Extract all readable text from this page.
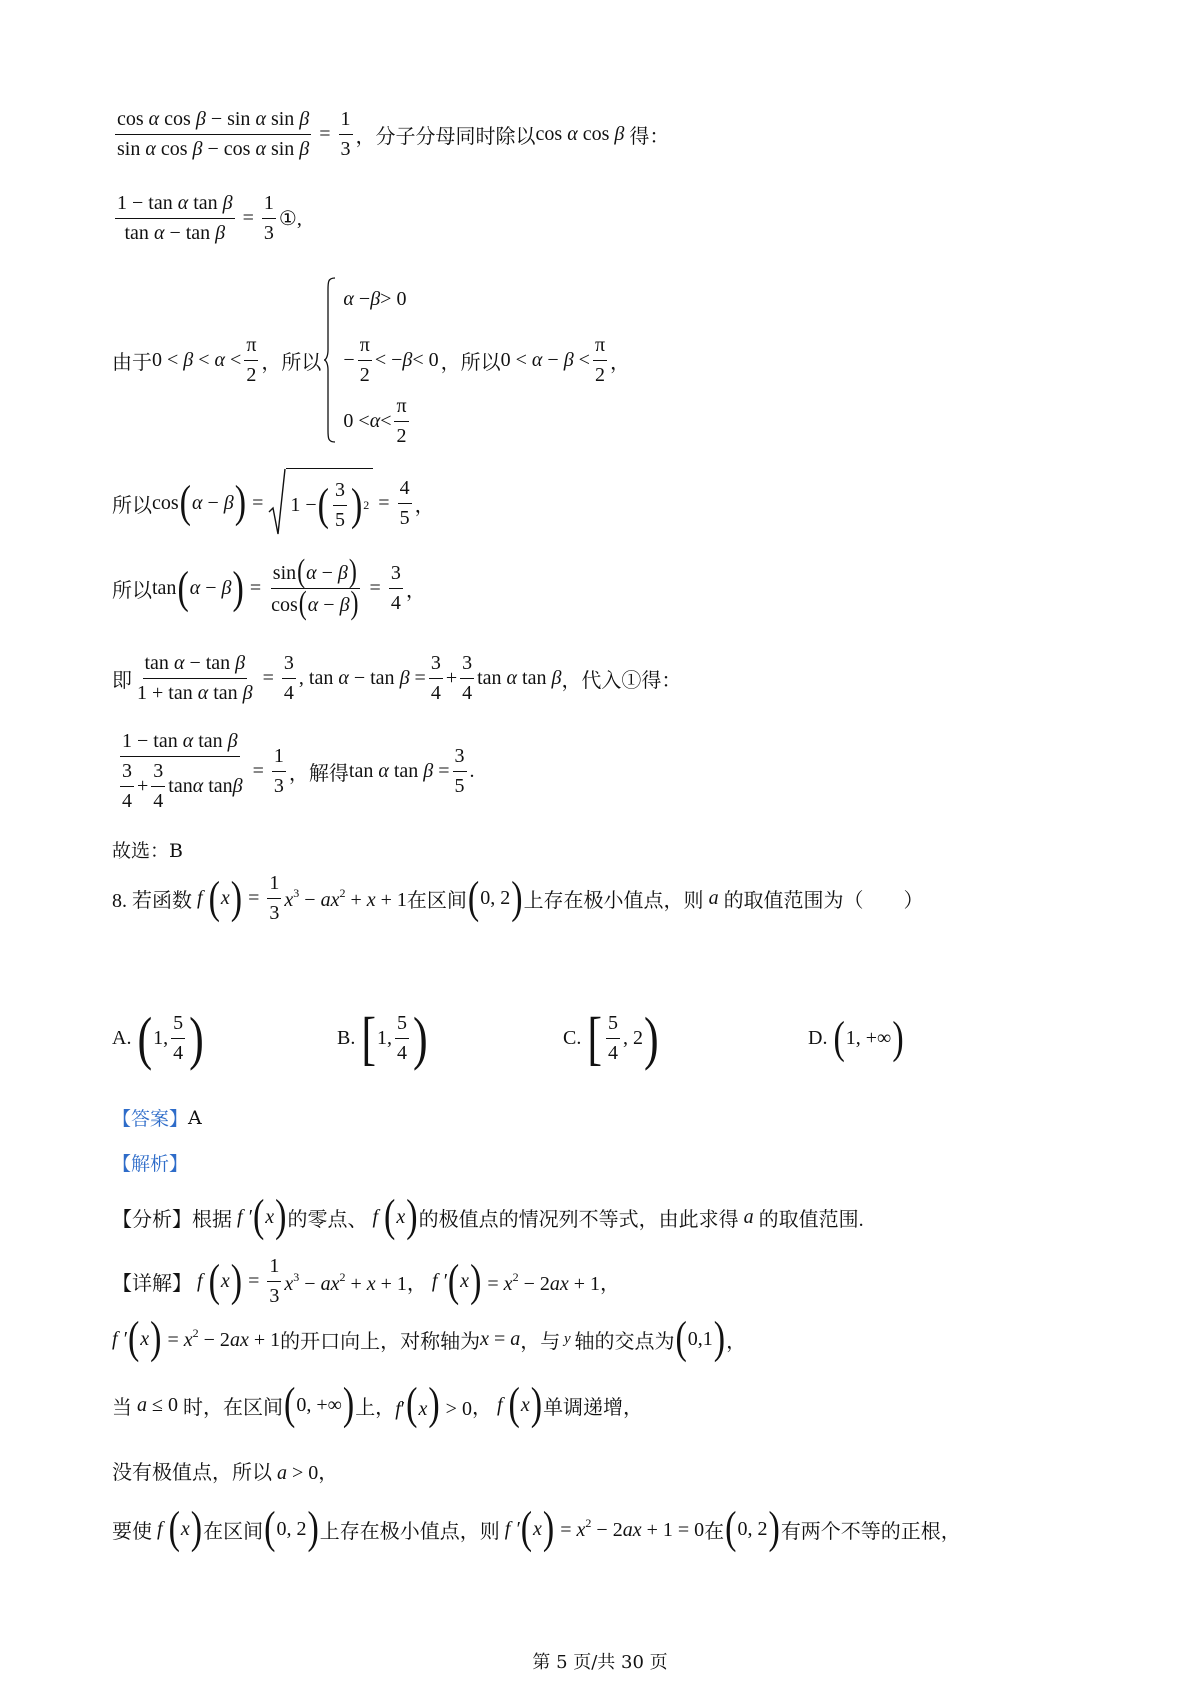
$\frac{\text{cos α cos β − sin α sin β}}{\text{sin α cos β − cos α sin β}} = \frac{1}{3}$ ，分子分母同时除以 cos α cos β 得：
$\frac{\text{1 − tan α tan β}}{\text{tan α − tan β}} = \frac{1}{3}$ ①,
由于 $0 < \beta < \alpha < \frac{\pi}{2}$ ，所以
α − β > 0
− $\frac{\pi}{2}$ < − β < 0
$0 < \alpha < \frac{\pi}{2}$
，所以 $0 < \alpha - \beta < \frac{\pi}{2}$ ，
所以 cos ( α − β ) = 1 − ( $\frac{3}{5}$ ) $2 = \frac{4}{5}$ ，
所以 tan ( α − β ) = $\frac{\sin(\alpha - \beta)}{\cos(\alpha - \beta)} = \frac{3}{4}$ ，
即 $\frac{\text{tan α − tan β}}{\text{1 + tan α tan β}} = \frac{3}{4}$ , $\tan \alpha - \tan \beta = \frac{3}{4} + \frac{3}{4}$ tan α tan β ，代入①得：
$\frac{\text{1 − tan α tan β}}{\frac{3}{4} + \frac{3}{4} \tan \alpha \tan \beta} = \frac{1}{3}$ ，解得 tan α $\tan \beta = \frac{3}{5}$ .
故选：B
8. 若函数 f ( x ) = $\frac{1}{3} x^3 - ax^2 + x + 1$ 在区间 ( 0, 2 ) 上存在极小值点，则 a 的取值范围为（　　）
A.
( 1, $\frac{5}{4}$ )	B.
[ 1, $\frac{5}{4}$ )	C.
[ $\frac{5}{4}$ , 2 )	D.
( 1, +∞ )
【答案】 A
【解析】
【分析】 根据 f ′ ( x ) 的零点、 f ( x ) 的极值点的情况列不等式，由此求得 a 的取值范围.
【详解】 f ( x ) = $\frac{1}{3} x^3 - ax^2 + x + 1$， f ′ ( x ) = $x^2 - 2ax + 1$，
f ′ ( x ) = $x^2 - 2ax + 1$ 的开口向上，对称轴为 x = a ，与 y 轴的交点为 ( 0,1 ) ，
当 a ≤ 0 时，在区间 ( 0, +∞ ) 上， f′(x) > 0 ， f ( x ) 单调递增，
没有极值点，所以 a > 0，
要使 f ( x ) 在区间 ( 0, 2 ) 上存在极小值点，则 f ′ ( x ) = $x^2 - 2ax + 1 = 0$ 在 ( 0, 2 ) 有两个不等的正根，
第 5 页/共 30 页
